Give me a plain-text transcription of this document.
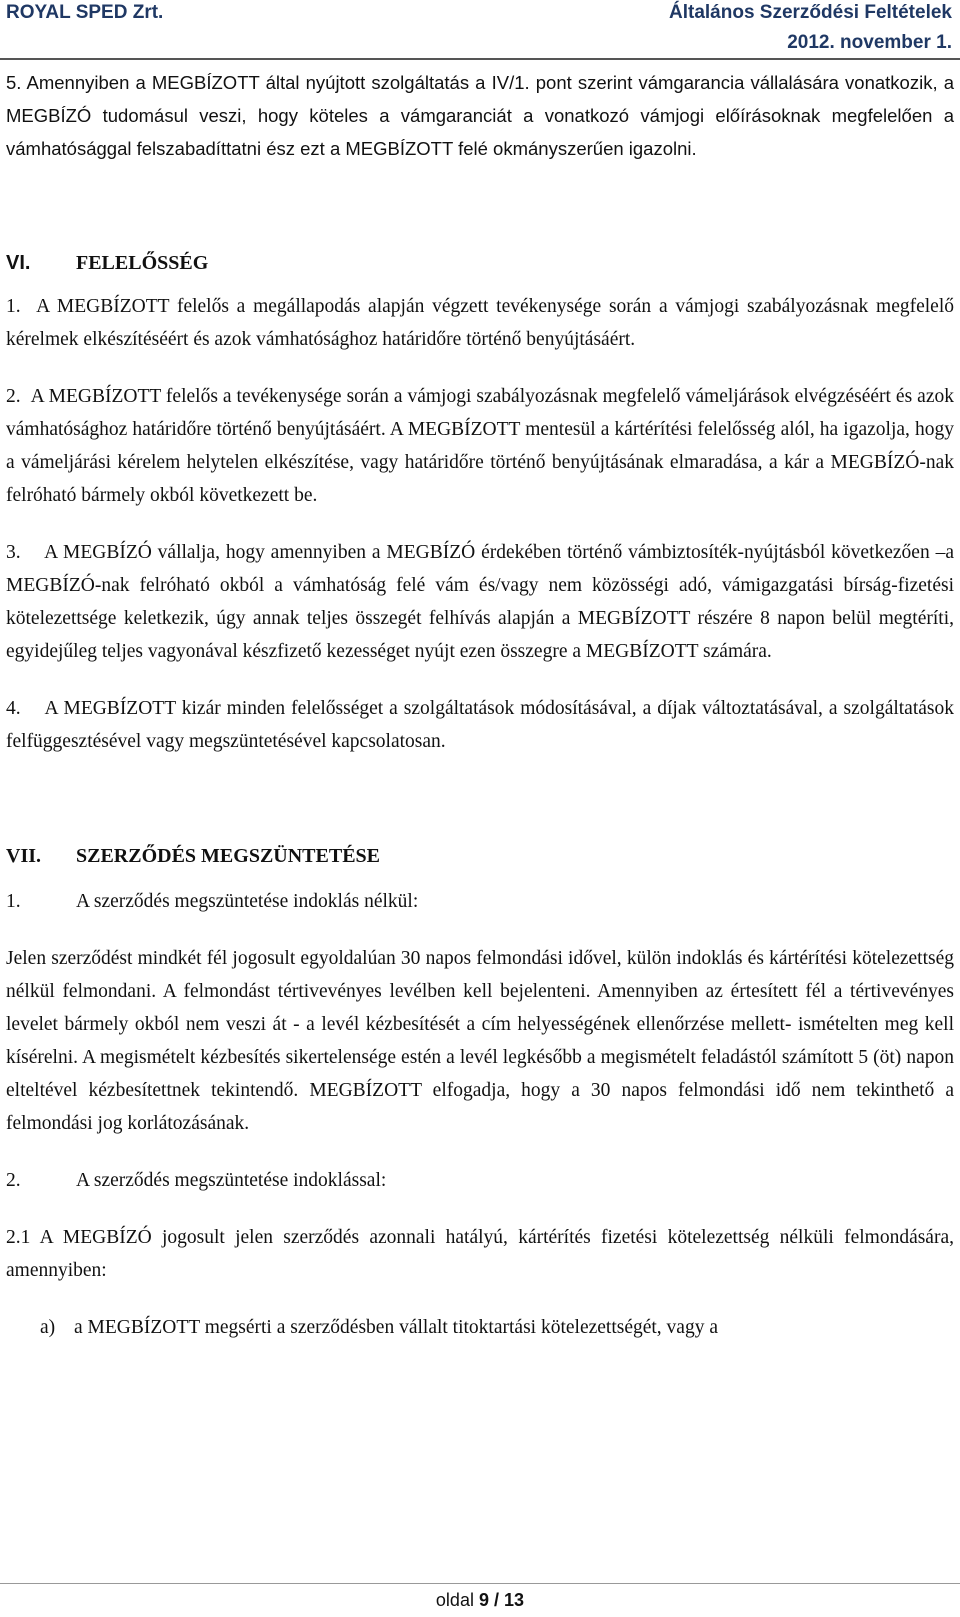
ROYAL SPED Zrt.	Általános Szerződési Feltételek
2012. november 1.

5. Amennyiben a MEGBÍZOTT által nyújtott szolgáltatás a IV/1. pont szerint vámgarancia vállalására vonatkozik, a MEGBÍZÓ tudomásul veszi, hogy köteles a vámgaranciát a vonatkozó vámjogi előírásoknak megfelelően a vámhatósággal felszabadíttatni ész ezt a MEGBÍZOTT felé okmányszerűen igazolni.

VI. FELELŐSSÉG

1. A MEGBÍZOTT felelős a megállapodás alapján végzett tevékenysége során a vámjogi szabályozásnak megfelelő kérelmek elkészítéséért és azok vámhatósághoz határidőre történő benyújtásáért.

2. A MEGBÍZOTT felelős a tevékenysége során a vámjogi szabályozásnak megfelelő vámeljárások elvégzéséért és azok vámhatósághoz határidőre történő benyújtásáért. A MEGBÍZOTT mentesül a kártérítési felelősség alól, ha igazolja, hogy a vámeljárási kérelem helytelen elkészítése, vagy határidőre történő benyújtásának elmaradása, a kár a MEGBÍZÓ-nak felróható bármely okból következett be.

3. A MEGBÍZÓ vállalja, hogy amennyiben a MEGBÍZÓ érdekében történő vámbiztosíték-nyújtásból következően –a MEGBÍZÓ-nak felróható okból a vámhatóság felé vám és/vagy nem közösségi adó, vámigazgatási bírság-fizetési kötelezettsége keletkezik, úgy annak teljes összegét felhívás alapján a MEGBÍZOTT részére 8 napon belül megtéríti, egyidejűleg teljes vagyonával készfizető kezességet nyújt ezen összegre a MEGBÍZOTT számára.

4. A MEGBÍZOTT kizár minden felelősséget a szolgáltatások módosításával, a díjak változtatásával, a szolgáltatások felfüggesztésével vagy megszüntetésével kapcsolatosan.

VII. SZERZŐDÉS MEGSZÜNTETÉSE

1.	A szerződés megszüntetése indoklás nélkül:

Jelen szerződést mindkét fél jogosult egyoldalúan 30 napos felmondási idővel, külön indoklás és kártérítési kötelezettség nélkül felmondani. A felmondást tértivevényes levélben kell bejelenteni. Amennyiben az értesített fél a tértivevényes levelet bármely okból nem veszi át - a levél kézbesítését a cím helyességének ellenőrzése mellett- ismételten meg kell kísérelni. A megismételt kézbesítés sikertelensége estén a levél legkésőbb a megismételt feladástól számított 5 (öt) napon elteltével kézbesítettnek tekintendő. MEGBÍZOTT elfogadja, hogy a 30 napos felmondási idő nem tekinthető a felmondási jog korlátozásának.

2.	A szerződés megszüntetése indoklással:

2.1 A MEGBÍZÓ jogosult jelen szerződés azonnali hatályú, kártérítés fizetési kötelezettség nélküli felmondására, amennyiben:

a) a MEGBÍZOTT megsérti a szerződésben vállalt titoktartási kötelezettségét, vagy a

oldal 9 / 13
